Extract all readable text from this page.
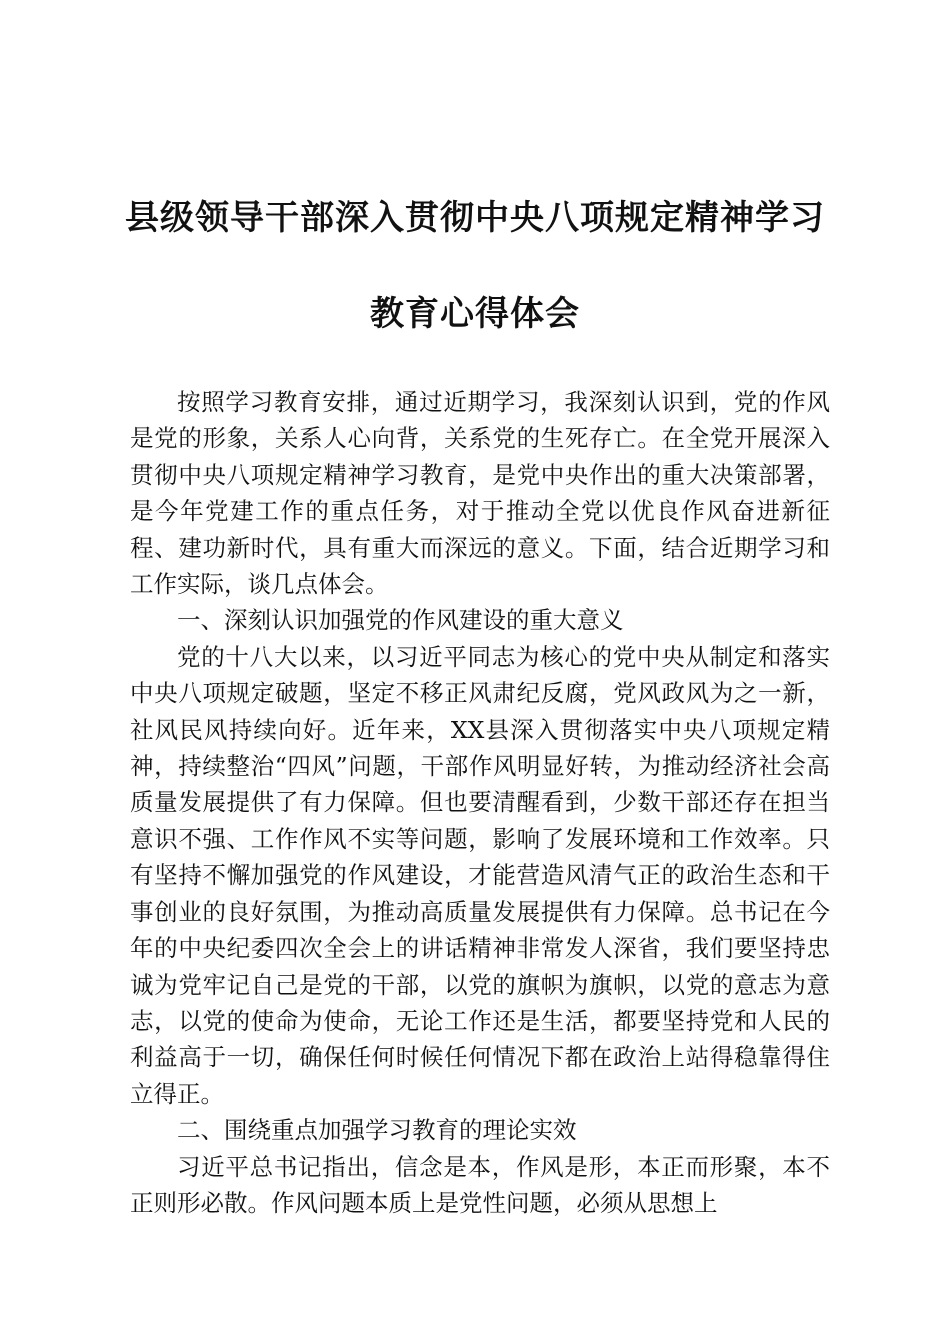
县级领导干部深入贯彻中央八项规定精神学习
教育心得体会

按照学习教育安排，通过近期学习，我深刻认识到，党的作风是党的形象，关系人心向背，关系党的生死存亡。在全党开展深入贯彻中央八项规定精神学习教育，是党中央作出的重大决策部署，是今年党建工作的重点任务，对于推动全党以优良作风奋进新征程、建功新时代，具有重大而深远的意义。下面，结合近期学习和工作实际，谈几点体会。

一、深刻认识加强党的作风建设的重大意义

党的十八大以来，以习近平同志为核心的党中央从制定和落实中央八项规定破题，坚定不移正风肃纪反腐，党风政风为之一新，社风民风持续向好。近年来，XX县深入贯彻落实中央八项规定精神，持续整治“四风”问题，干部作风明显好转，为推动经济社会高质量发展提供了有力保障。但也要清醒看到，少数干部还存在担当意识不强、工作作风不实等问题，影响了发展环境和工作效率。只有坚持不懈加强党的作风建设，才能营造风清气正的政治生态和干事创业的良好氛围，为推动高质量发展提供有力保障。总书记在今年的中央纪委四次全会上的讲话精神非常发人深省，我们要坚持忠诚为党牢记自己是党的干部，以党的旗帜为旗帜，以党的意志为意志，以党的使命为使命，无论工作还是生活，都要坚持党和人民的利益高于一切，确保任何时候任何情况下都在政治上站得稳靠得住立得正。

二、围绕重点加强学习教育的理论实效

习近平总书记指出，信念是本，作风是形，本正而形聚，本不正则形必散。作风问题本质上是党性问题，必须从思想上
